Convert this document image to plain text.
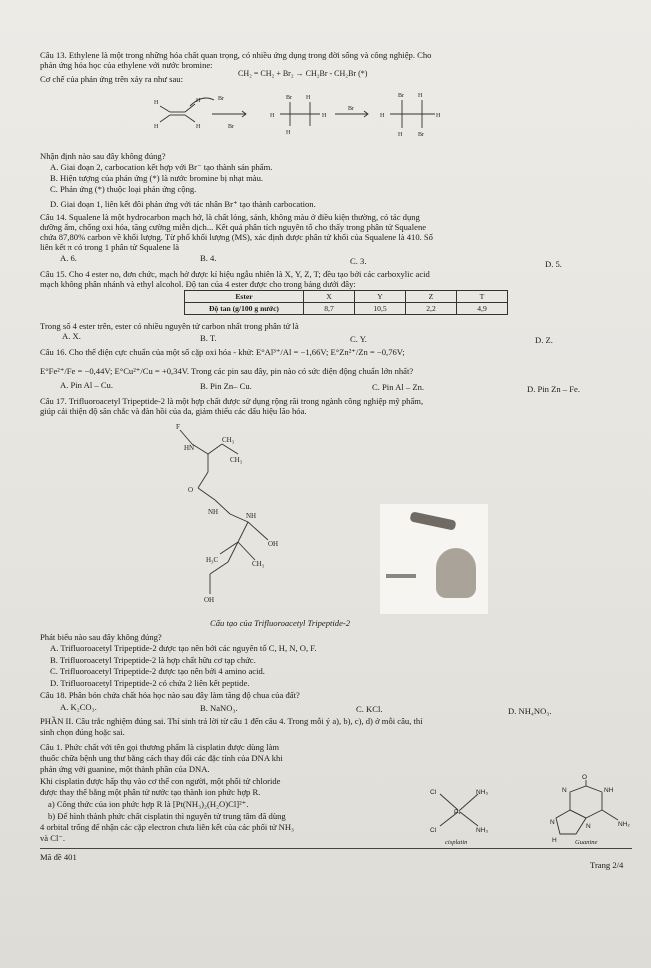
Câu 13. Ethylene là một trong những hóa chất quan trọng, có nhiều ứng dụng trong đời sống và công nghiệp. Cho
phản ứng hóa học của ethylene với nước bromine:
CH₂ = CH₂ + Br₂ → CH₂Br - CH₂Br (*)
Cơ chế của phản ứng trên xảy ra như sau:
H
H
H
H
Br
Br
H
Br H
H
H
Br
H
Br H
H	Br
H
Nhận định nào sau đây không đúng?
A. Giai đoạn 2, carbocation kết hợp với Br⁻ tạo thành sản phẩm.
B. Hiện tượng của phản ứng (*) là nước bromine bị nhạt màu.
C. Phản ứng (*) thuộc loại phản ứng cộng.
D. Giai đoạn 1, liên kết đôi phản ứng với tác nhân Br⁺ tạo thành carbocation.
Câu 14. Squalene là một hydrocarbon mạch hở, là chất lỏng, sánh, không màu ở điều kiện thường, có tác dụng
dưỡng ẩm, chống oxi hóa, tăng cường miễn dịch... Kết quả phân tích nguyên tố cho thấy trong phân tử Squalene
chứa 87,80% carbon về khối lượng. Từ phổ khối lượng (MS), xác định được phân tử khối của Squalene là 410. Số
liên kết π có trong 1 phân tử Squalene là
A. 6.	B. 4.	C. 3.	D. 5.
Câu 15. Cho 4 ester no, đơn chức, mạch hở được kí hiệu ngẫu nhiên là X, Y, Z, T; đều tạo bởi các carboxylic acid
mạch không phân nhánh và ethyl alcohol. Độ tan của 4 ester được cho trong bảng dưới đây:
Ester	X	Y	Z	T
Độ tan (g/100 g nước)	8,7	10,5	2,2	4,9
Trong số 4 ester trên, ester có nhiều nguyên tử carbon nhất trong phân tử là
A. X.	B. T.	C. Y.	D. Z.
Câu 16. Cho thế điện cực chuẩn của một số cặp oxi hóa - khử: E°Al³⁺/Al = −1,66V; E°Zn²⁺/Zn = −0,76V;
E°Fe²⁺/Fe = −0,44V; E°Cu²⁺/Cu = +0,34V. Trong các pin sau đây, pin nào có sức điện động chuẩn lớn nhất?
A. Pin Al – Cu.	B. Pin Zn– Cu.	C. Pin Al – Zn.	D. Pin Zn – Fe.
Câu 17. Trifluoroacetyl Tripeptide-2 là một hợp chất được sử dụng rộng rãi trong ngành công nghiệp mỹ phẩm,
giúp cải thiện độ săn chắc và đàn hồi của da, giảm thiểu các dấu hiệu lão hóa.
F
HN
CH₃
CH₃
O
NH	NH
OH
H₃C	CH₃
OH
Cấu tạo của Trifluoroacetyl Tripeptide-2
Phát biểu nào sau đây không đúng?
A. Trifluoroacetyl Tripeptide-2 được tạo nên bởi các nguyên tố C, H, N, O, F.
B. Trifluoroacetyl Tripeptide-2 là hợp chất hữu cơ tạp chức.
C. Trifluoroacetyl Tripeptide-2 được tạo nên bởi 4 amino acid.
D. Trifluoroacetyl Tripeptide-2 có chứa 2 liên kết peptide.
Câu 18. Phân bón chứa chất hóa học nào sau đây làm tăng độ chua của đất?
A. K₂CO₃.	B. NaNO₃.	C. KCl.	D. NH₄NO₃.
PHẦN II. Câu trắc nghiệm đúng sai. Thí sinh trả lời từ câu 1 đến câu 4. Trong mỗi ý a), b), c), d) ở mỗi câu, thí
sinh chọn đúng hoặc sai.
Câu 1. Phức chất với tên gọi thương phẩm là cisplatin được dùng làm
thuốc chữa bệnh ung thư bằng cách thay đổi các đặc tính của DNA khi
phản ứng với guanine, một thành phần của DNA.
Khi cisplatin được hấp thụ vào cơ thể con người, một phối tử chloride
được thay thế bằng một phân tử nước tạo thành ion phức hợp R.
a) Công thức của ion phức hợp R là [Pt(NH₃)₂(H₂O)Cl]²⁺.
b) Để hình thành phức chất cisplatin thì nguyên tử trung tâm đã dùng
4 orbital trống để nhận các cặp electron chưa liên kết của các phối tử NH₃
và Cl⁻.
Cl	NH₃
Pt
Cl	NH₃
O
NH
N
N
N
H
NH₂
cisplatin	Guanine
Mã đề 401
Trang 2/4
